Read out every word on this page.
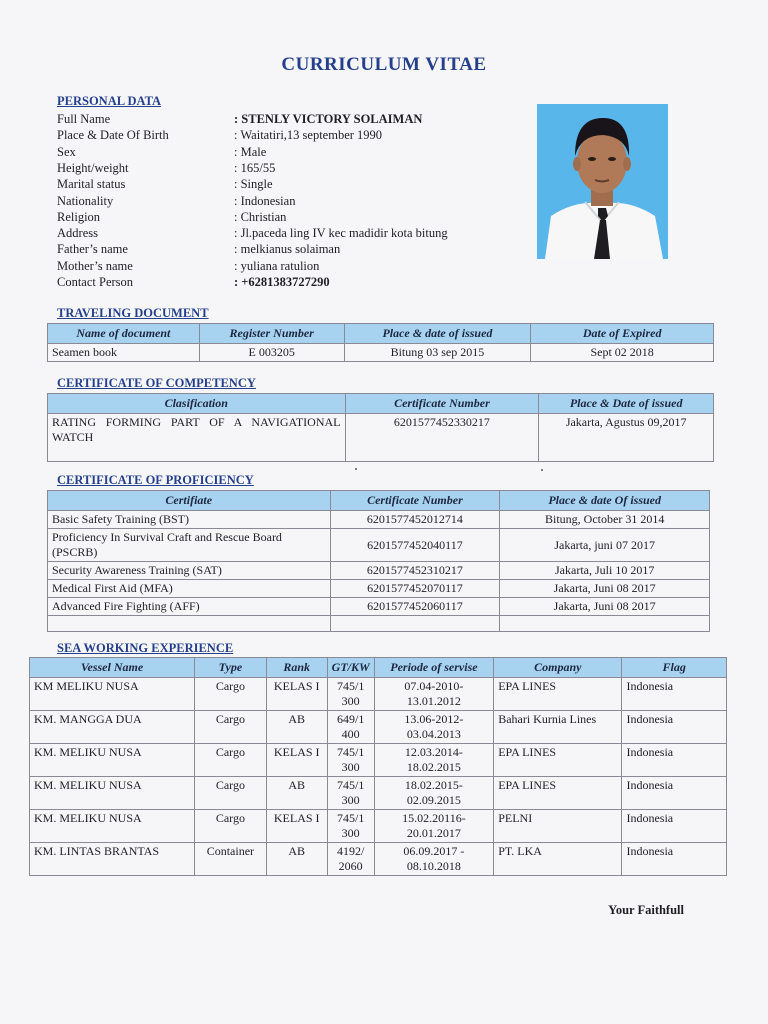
CURRICULUM VITAE
PERSONAL DATA
Full Name	: STENLY VICTORY SOLAIMAN
Place & Date Of Birth	: Waitatiri,13 september 1990
Sex	: Male
Height/weight	: 165/55
Marital status	: Single
Nationality	: Indonesian
Religion	: Christian
Address	: Jl.paceda ling IV kec madidir kota bitung
Father’s name	: melkianus solaiman
Mother’s name	: yuliana ratulion
Contact Person	: +6281383727290
TRAVELING DOCUMENT
Name of document	Register Number	Place & date of issued	Date of Expired
Seamen book	E 003205	Bitung 03 sep 2015	Sept 02 2018
CERTIFICATE OF COMPETENCY
Clasification	Certificate Number	Place & Date of issued
RATING FORMING PART OF A NAVIGATIONAL WATCH	6201577452330217	Jakarta, Agustus 09,2017
CERTIFICATE OF PROFICIENCY
Certifiate	Certificate Number	Place & date Of issued
Basic Safety Training (BST)	6201577452012714	Bitung, October 31 2014
Proficiency In Survival Craft and Rescue Board (PSCRB)	6201577452040117	Jakarta, juni 07 2017
Security Awareness Training (SAT)	6201577452310217	Jakarta, Juli 10 2017
Medical First Aid (MFA)	6201577452070117	Jakarta, Juni 08 2017
Advanced Fire Fighting (AFF)	6201577452060117	Jakarta, Juni 08 2017

SEA WORKING EXPERIENCE
Vessel Name	Type	Rank	GT/KW	Periode of servise	Company	Flag
KM MELIKU NUSA	Cargo	KELAS I	745/1 300	07.04-2010- 13.01.2012	EPA LINES	Indonesia
KM. MANGGA DUA	Cargo	AB	649/1 400	13.06-2012- 03.04.2013	Bahari Kurnia Lines	Indonesia
KM. MELIKU NUSA	Cargo	KELAS I	745/1 300	12.03.2014- 18.02.2015	EPA LINES	Indonesia
KM. MELIKU NUSA	Cargo	AB	745/1 300	18.02.2015- 02.09.2015	EPA LINES	Indonesia
KM. MELIKU NUSA	Cargo	KELAS I	745/1 300	15.02.20116- 20.01.2017	PELNI	Indonesia
KM. LINTAS BRANTAS	Container	AB	4192/ 2060	06.09.2017 - 08.10.2018	PT. LKA	Indonesia
Your Faithfull
